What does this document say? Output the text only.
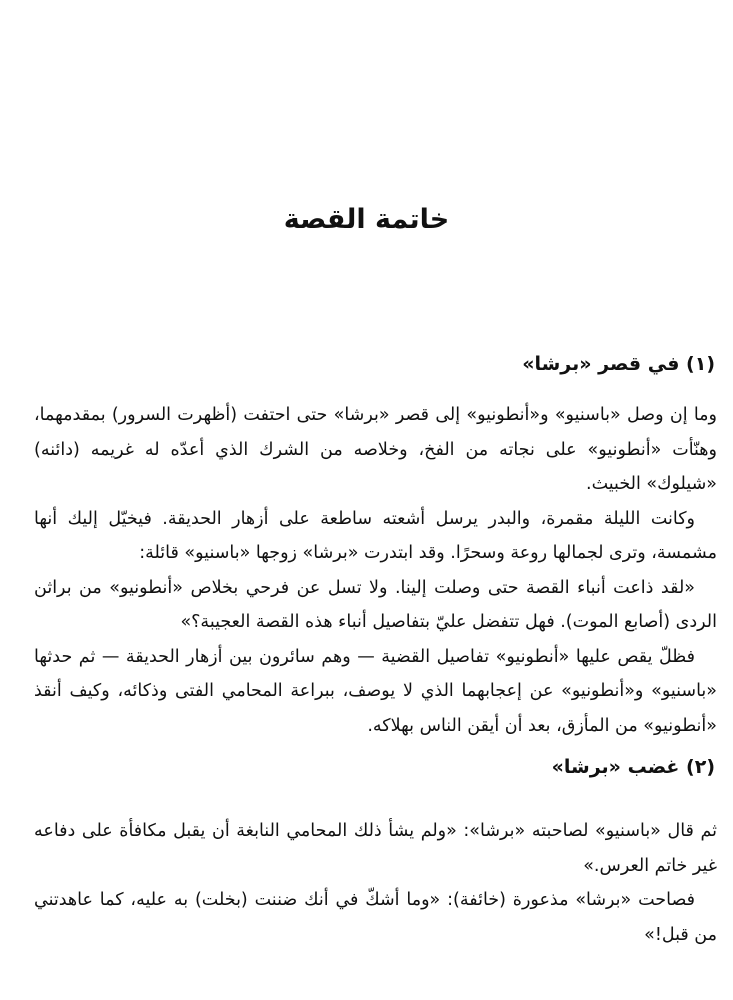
خاتمة القصة
(١) في قصر «برشا»

وما إن وصل «باسنيو» و«أنطونيو» إلى قصر «برشا» حتى احتفت (أظهرت السرور) بمقدمهما، وهنّأت «أنطونيو» على نجاته من الفخ، وخلاصه من الشرك الذي أعدّه له غريمه (دائنه) «شيلوك» الخبيث.

وكانت الليلة مقمرة، والبدر يرسل أشعته ساطعة على أزهار الحديقة. فيخيّل إليك أنها مشمسة، وترى لجمالها روعة وسحرًا. وقد ابتدرت «برشا» زوجها «باسنيو» قائلة:

«لقد ذاعت أنباء القصة حتى وصلت إلينا. ولا تسل عن فرحي بخلاص «أنطونيو» من براثن الردى (أصابع الموت). فهل تتفضل عليّ بتفاصيل أنباء هذه القصة العجيبة؟»

فظلّ يقص عليها «أنطونيو» تفاصيل القضية — وهم سائرون بين أزهار الحديقة — ثم حدثها «باسنيو» و«أنطونيو» عن إعجابهما الذي لا يوصف، ببراعة المحامي الفتى وذكائه، وكيف أنقذ «أنطونيو» من المأزق، بعد أن أيقن الناس بهلاكه.

(٢) غضب «برشا»

ثم قال «باسنيو» لصاحبته «برشا»: «ولم يشأ ذلك المحامي النابغة أن يقبل مكافأة على دفاعه غير خاتم العرس.»

فصاحت «برشا» مذعورة (خائفة): «وما أشكّ في أنك ضننت (بخلت) به عليه، كما عاهدتني من قبل!»
